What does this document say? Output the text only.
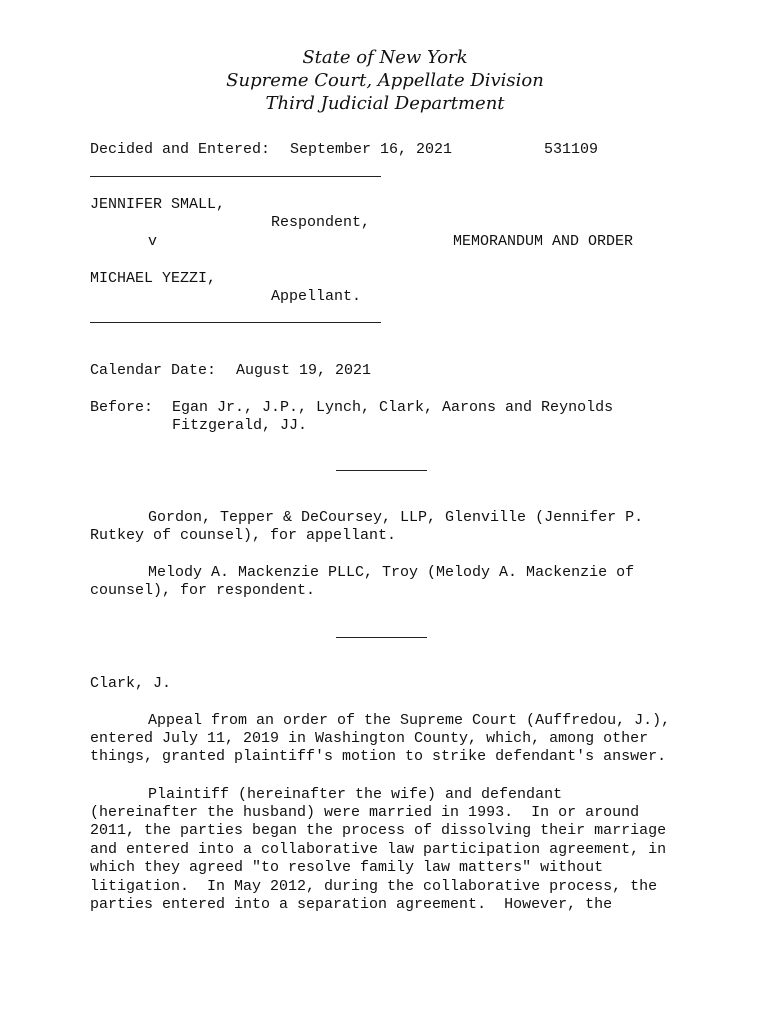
State of New York
Supreme Court, Appellate Division
Third Judicial Department
Decided and Entered: September 16, 2021	531109
JENNIFER SMALL,
Respondent,
v	MEMORANDUM AND ORDER
MICHAEL YEZZI,
Appellant.
Calendar Date: August 19, 2021
Before: Egan Jr., J.P., Lynch, Clark, Aarons and Reynolds
Fitzgerald, JJ.
Gordon, Tepper & DeCoursey, LLP, Glenville (Jennifer P.
Rutkey of counsel), for appellant.
Melody A. Mackenzie PLLC, Troy (Melody A. Mackenzie of
counsel), for respondent.
Clark, J.
Appeal from an order of the Supreme Court (Auffredou, J.),
entered July 11, 2019 in Washington County, which, among other
things, granted plaintiff's motion to strike defendant's answer.
Plaintiff (hereinafter the wife) and defendant
(hereinafter the husband) were married in 1993.  In or around
2011, the parties began the process of dissolving their marriage
and entered into a collaborative law participation agreement, in
which they agreed "to resolve family law matters" without
litigation.  In May 2012, during the collaborative process, the
parties entered into a separation agreement.  However, the
